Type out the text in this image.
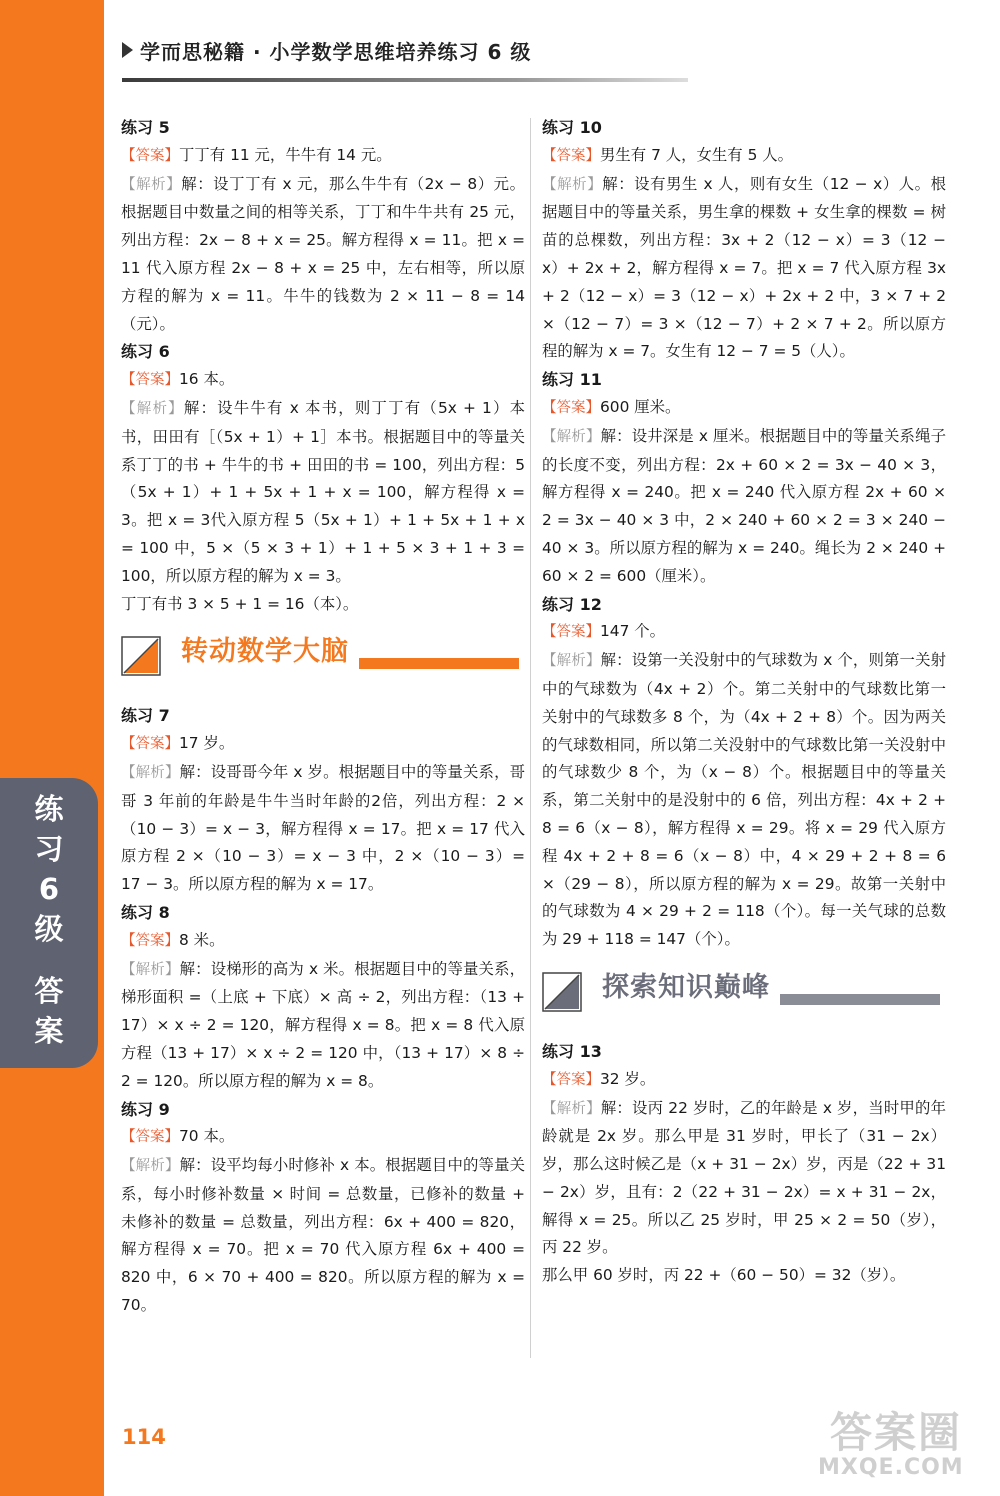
练
习
6
级
答
案
学而思秘籍 · 小学数学思维培养练习 6 级

练习 5

【答案】丁丁有 11 元，牛牛有 14 元。

【解析】解：设丁丁有 x 元，那么牛牛有（2x − 8）元。根据题目中数量之间的相等关系，丁丁和牛牛共有 25 元，列出方程：2x − 8 + x = 25。解方程得 x = 11。把 x = 11 代入原方程 2x − 8 + x = 25 中，左右相等，所以原方程的解为 x = 11。牛牛的钱数为 2 × 11 − 8 = 14（元）。

练习 6

【答案】16 本。

【解析】解：设牛牛有 x 本书，则丁丁有（5x + 1）本书，田田有［（5x + 1）+ 1］本书。根据题目中的等量关系丁丁的书 + 牛牛的书 + 田田的书 = 100，列出方程：5（5x + 1）+ 1 + 5x + 1 + x = 100，解方程得 x = 3。把 x = 3代入原方程 5（5x + 1）+ 1 + 5x + 1 + x = 100 中，5 ×（5 × 3 + 1）+ 1 + 5 × 3 + 1 + 3 = 100，所以原方程的解为 x = 3。

丁丁有书 3 × 5 + 1 = 16（本）。

转动数学大脑

练习 7

【答案】17 岁。

【解析】解：设哥哥今年 x 岁。根据题目中的等量关系，哥哥 3 年前的年龄是牛牛当时年龄的2倍，列出方程：2 ×（10 − 3）= x − 3，解方程得 x = 17。把 x = 17 代入原方程 2 ×（10 − 3）= x − 3 中，2 ×（10 − 3）= 17 − 3。所以原方程的解为 x = 17。

练习 8

【答案】8 米。

【解析】解：设梯形的高为 x 米。根据题目中的等量关系，梯形面积 =（上底 + 下底）× 高 ÷ 2，列出方程：（13 + 17）× x ÷ 2 = 120，解方程得 x = 8。把 x = 8 代入原方程（13 + 17）× x ÷ 2 = 120 中，（13 + 17）× 8 ÷ 2 = 120。所以原方程的解为 x = 8。

练习 9

【答案】70 本。

【解析】解：设平均每小时修补 x 本。根据题目中的等量关系，每小时修补数量 × 时间 = 总数量，已修补的数量 + 未修补的数量 = 总数量，列出方程：6x + 400 = 820，解方程得 x = 70。把 x = 70 代入原方程 6x + 400 = 820 中，6 × 70 + 400 = 820。所以原方程的解为 x = 70。

练习 10

【答案】男生有 7 人，女生有 5 人。

【解析】解：设有男生 x 人，则有女生（12 − x）人。根据题目中的等量关系，男生拿的棵数 + 女生拿的棵数 = 树苗的总棵数，列出方程：3x + 2（12 − x）= 3（12 − x）+ 2x + 2，解方程得 x = 7。把 x = 7 代入原方程 3x + 2（12 − x）= 3（12 − x）+ 2x + 2 中，3 × 7 + 2 ×（12 − 7）= 3 ×（12 − 7）+ 2 × 7 + 2。所以原方程的解为 x = 7。女生有 12 − 7 = 5（人）。

练习 11

【答案】600 厘米。

【解析】解：设井深是 x 厘米。根据题目中的等量关系绳子的长度不变，列出方程：2x + 60 × 2 = 3x − 40 × 3，解方程得 x = 240。把 x = 240 代入原方程 2x + 60 × 2 = 3x − 40 × 3 中，2 × 240 + 60 × 2 = 3 × 240 − 40 × 3。所以原方程的解为 x = 240。绳长为 2 × 240 + 60 × 2 = 600（厘米）。

练习 12

【答案】147 个。

【解析】解：设第一关没射中的气球数为 x 个，则第一关射中的气球数为（4x + 2）个。第二关射中的气球数比第一关射中的气球数多 8 个，为（4x + 2 + 8）个。因为两关的气球数相同，所以第二关没射中的气球数比第一关没射中的气球数少 8 个，为（x − 8）个。根据题目中的等量关系，第二关射中的是没射中的 6 倍，列出方程：4x + 2 + 8 = 6（x − 8），解方程得 x = 29。将 x = 29 代入原方程 4x + 2 + 8 = 6（x − 8）中，4 × 29 + 2 + 8 = 6 ×（29 − 8），所以原方程的解为 x = 29。故第一关射中的气球数为 4 × 29 + 2 = 118（个）。每一关气球的总数为 29 + 118 = 147（个）。

探索知识巅峰

练习 13

【答案】32 岁。

【解析】解：设丙 22 岁时，乙的年龄是 x 岁，当时甲的年龄就是 2x 岁。那么甲是 31 岁时，甲长了（31 − 2x）岁，那么这时候乙是（x + 31 − 2x）岁，丙是（22 + 31 − 2x）岁，且有：2（22 + 31 − 2x）= x + 31 − 2x，解得 x = 25。所以乙 25 岁时，甲 25 × 2 = 50（岁），丙 22 岁。

那么甲 60 岁时，丙 22 +（60 − 50）= 32（岁）。

114	答案圈
MXQE.COM
